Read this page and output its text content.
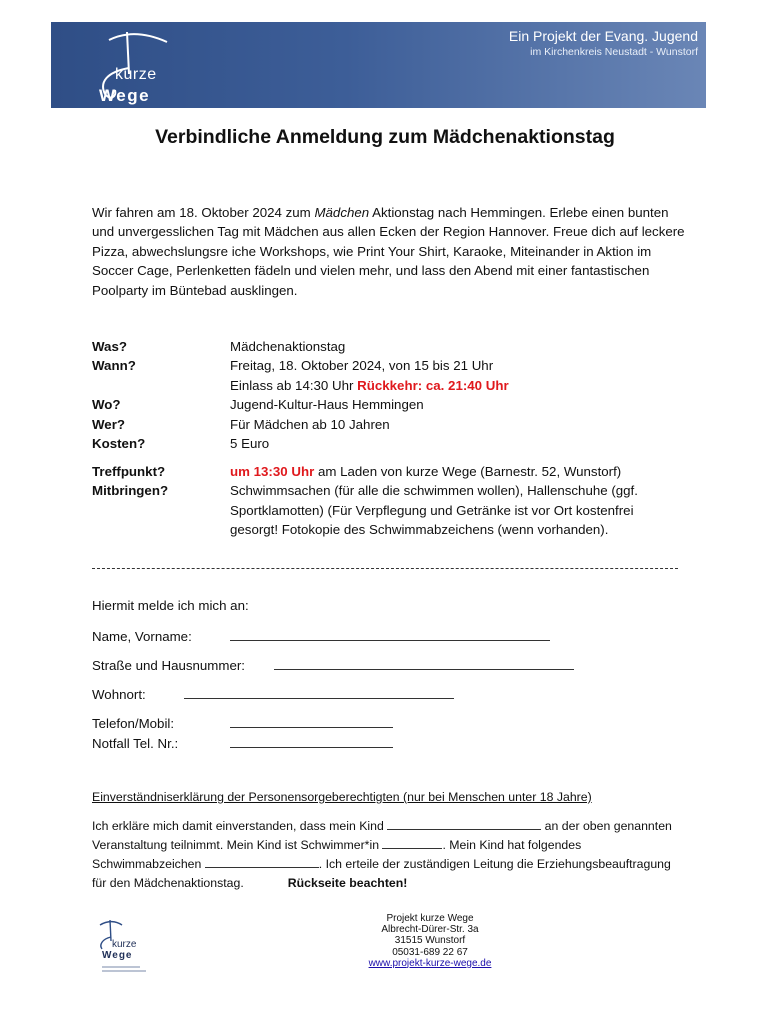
kurze
Wege
Ein Projekt der Evang. Jugend
im Kirchenkreis Neustadt - Wunstorf
Verbindliche Anmeldung zum Mädchenaktionstag

Wir fahren am 18. Oktober 2024 zum Mädchen Aktionstag nach Hemmingen. Erlebe einen bunten und unvergesslichen Tag mit Mädchen aus allen Ecken der Region Hannover. Freue dich auf leckere Pizza, abwechslungsre iche Workshops, wie Print Your Shirt, Karaoke, Miteinander in Aktion im Soccer Cage, Perlenketten fädeln und vielen mehr, und lass den Abend mit einer fantastischen Poolparty im Büntebad ausklingen.

Was?	Mädchenaktionstag
Wann?	Freitag, 18. Oktober 2024, von 15 bis 21 Uhr
Einlass ab 14:30 Uhr Rückkehr: ca. 21:40 Uhr
Wo?	Jugend-Kultur-Haus Hemmingen
Wer?	Für Mädchen ab 10 Jahren
Kosten?	5 Euro
Treffpunkt?	um 13:30 Uhr am Laden von kurze Wege (Barnestr. 52, Wunstorf)
Mitbringen?	Schwimmsachen (für alle die schwimmen wollen), Hallenschuhe (ggf. Sportklamotten) (Für Verpflegung und Getränke ist vor Ort kostenfrei gesorgt! Fotokopie des Schwimmabzeichens (wenn vorhanden).
Hiermit melde ich mich an:
Name, Vorname:
Straße und Hausnummer:
Wohnort:
Telefon/Mobil:
Notfall Tel. Nr.:
Einverständniserklärung der Personensorgeberechtigten (nur bei Menschen unter 18 Jahre)

Ich erkläre mich damit einverstanden, dass mein Kind	an der oben genannten Veranstaltung teilnimmt. Mein Kind ist Schwimmer*in	. Mein Kind hat folgendes Schwimmabzeichen	. Ich erteile der zuständigen Leitung die Erziehungsbeauftragung für den Mädchenaktionstag.	Rückseite beachten!

kurze
Wege
Projekt kurze Wege
Albrecht-Dürer-Str. 3a
31515 Wunstorf
05031-689 22 67
www.projekt-kurze-wege.de
